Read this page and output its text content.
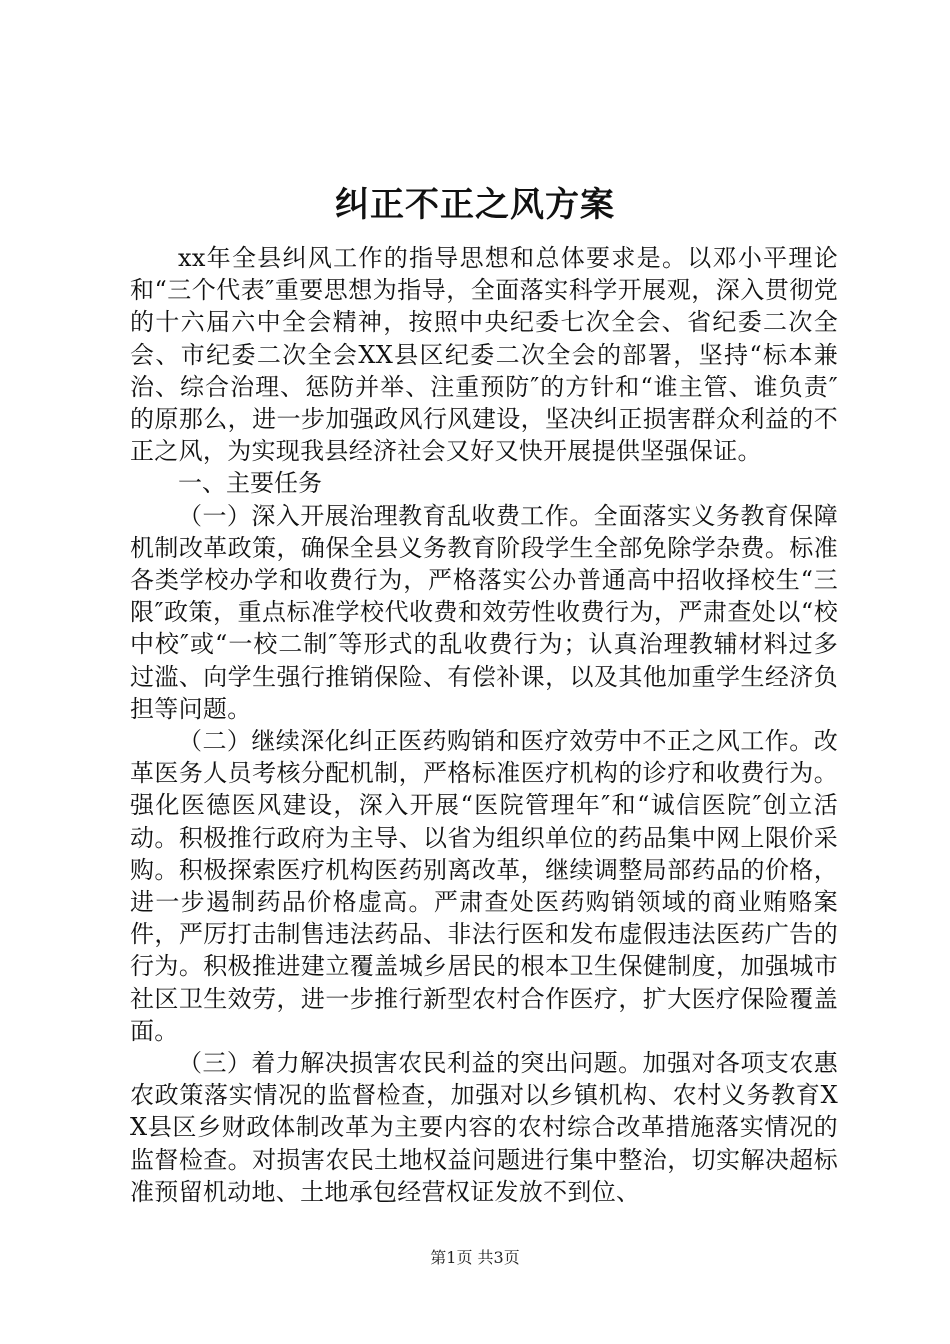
纠正不正之风方案

xx年全县纠风工作的指导思想和总体要求是。以邓小平理论和“三个代表″重要思想为指导，全面落实科学开展观，深入贯彻党的十六届六中全会精神，按照中央纪委七次全会、省纪委二次全会、市纪委二次全会XX县区纪委二次全会的部署，坚持“标本兼治、综合治理、惩防并举、注重预防″的方针和“谁主管、谁负责″的原那么，进一步加强政风行风建设，坚决纠正损害群众利益的不正之风，为实现我县经济社会又好又快开展提供坚强保证。

一、主要任务

（一）深入开展治理教育乱收费工作。全面落实义务教育保障机制改革政策，确保全县义务教育阶段学生全部免除学杂费。标准各类学校办学和收费行为，严格落实公办普通高中招收择校生“三限″政策，重点标准学校代收费和效劳性收费行为，严肃查处以“校中校″或“一校二制″等形式的乱收费行为；认真治理教辅材料过多过滥、向学生强行推销保险、有偿补课，以及其他加重学生经济负担等问题。

（二）继续深化纠正医药购销和医疗效劳中不正之风工作。改革医务人员考核分配机制，严格标准医疗机构的诊疗和收费行为。强化医德医风建设，深入开展“医院管理年″和“诚信医院″创立活动。积极推行政府为主导、以省为组织单位的药品集中网上限价采购。积极探索医疗机构医药别离改革，继续调整局部药品的价格，进一步遏制药品价格虚高。严肃查处医药购销领域的商业贿赂案件，严厉打击制售违法药品、非法行医和发布虚假违法医药广告的行为。积极推进建立覆盖城乡居民的根本卫生保健制度，加强城市社区卫生效劳，进一步推行新型农村合作医疗，扩大医疗保险覆盖面。

（三）着力解决损害农民利益的突出问题。加强对各项支农惠农政策落实情况的监督检查，加强对以乡镇机构、农村义务教育XX县区乡财政体制改革为主要内容的农村综合改革措施落实情况的监督检查。对损害农民土地权益问题进行集中整治，切实解决超标准预留机动地、土地承包经营权证发放不到位、

第1页 共3页
